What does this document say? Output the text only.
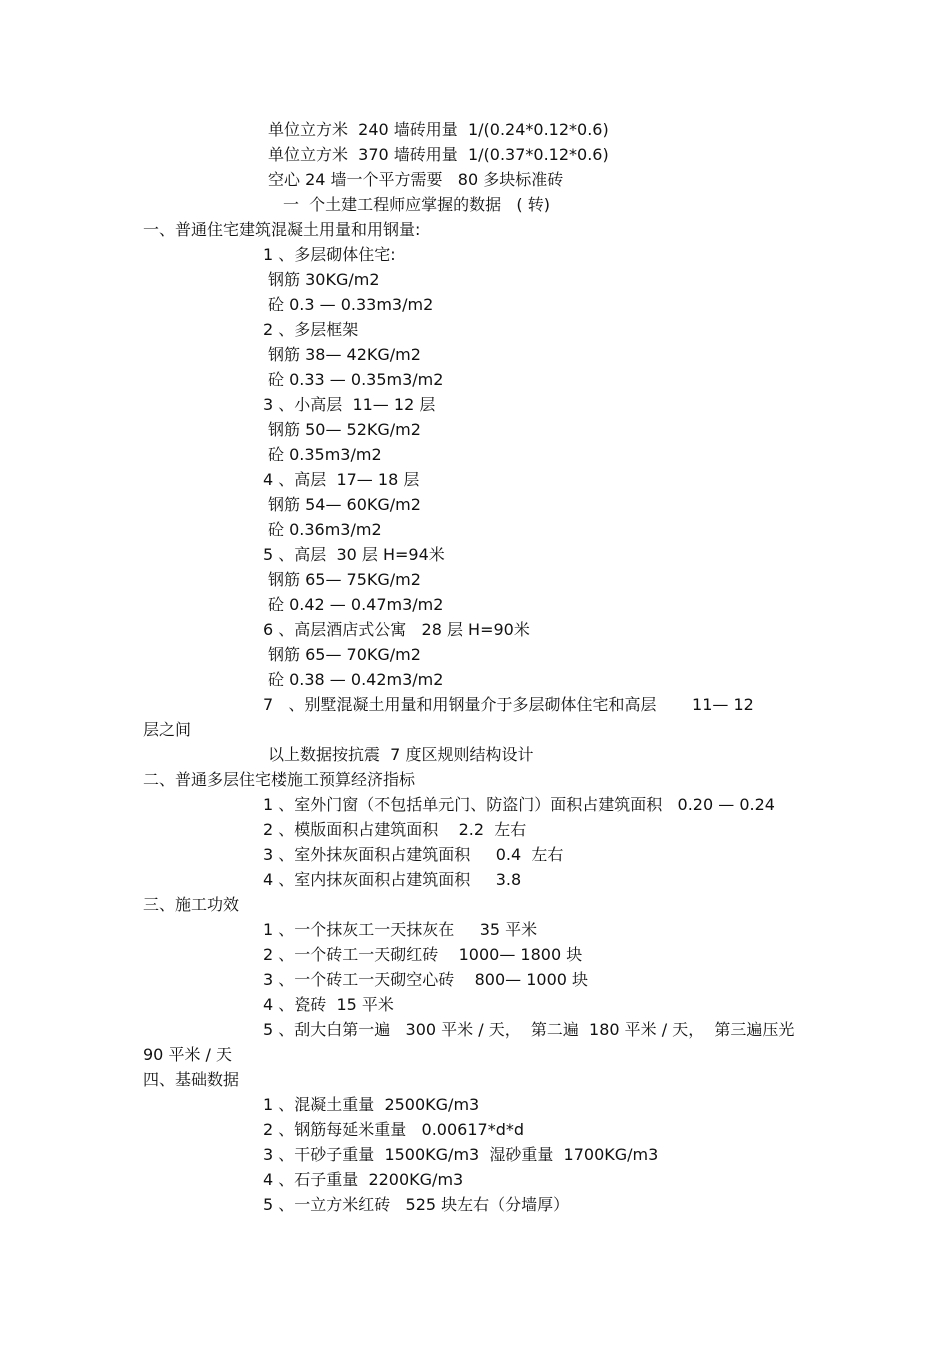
单位立方米  240 墙砖用量  1/(0.24*0.12*0.6)
单位立方米  370 墙砖用量  1/(0.37*0.12*0.6)
空心 24 墙一个平方需要   80 多块标准砖
一  个土建工程师应掌握的数据   ( 转)
一、普通住宅建筑混凝土用量和用钢量:
1 、多层砌体住宅:
钢筋 30KG/m2
砼 0.3 — 0.33m3/m2
2 、多层框架
钢筋 38— 42KG/m2
砼 0.33 — 0.35m3/m2
3 、小高层  11— 12 层
钢筋 50— 52KG/m2
砼 0.35m3/m2
4 、高层  17— 18 层
钢筋 54— 60KG/m2
砼 0.36m3/m2
5 、高层  30 层 H=94米
钢筋 65— 75KG/m2
砼 0.42 — 0.47m3/m2
6 、高层酒店式公寓   28 层 H=90米
钢筋 65— 70KG/m2
砼 0.38 — 0.42m3/m2
7   、别墅混凝土用量和用钢量介于多层砌体住宅和高层       11— 12
层之间
以上数据按抗震  7 度区规则结构设计
二、普通多层住宅楼施工预算经济指标
1 、室外门窗（不包括单元门、防盗门）面积占建筑面积   0.20 — 0.24
2 、模版面积占建筑面积    2.2  左右
3 、室外抹灰面积占建筑面积     0.4  左右
4 、室内抹灰面积占建筑面积     3.8
三、施工功效
1 、一个抹灰工一天抹灰在     35 平米
2 、一个砖工一天砌红砖    1000— 1800 块
3 、一个砖工一天砌空心砖    800— 1000 块
4 、瓷砖  15 平米
5 、刮大白第一遍   300 平米 / 天，  第二遍  180 平米 / 天，  第三遍压光
90 平米 / 天
四、基础数据
1 、混凝土重量  2500KG/m3
2 、钢筋每延米重量   0.00617*d*d
3 、干砂子重量  1500KG/m3  湿砂重量  1700KG/m3
4 、石子重量  2200KG/m3
5 、一立方米红砖   525 块左右（分墙厚）
